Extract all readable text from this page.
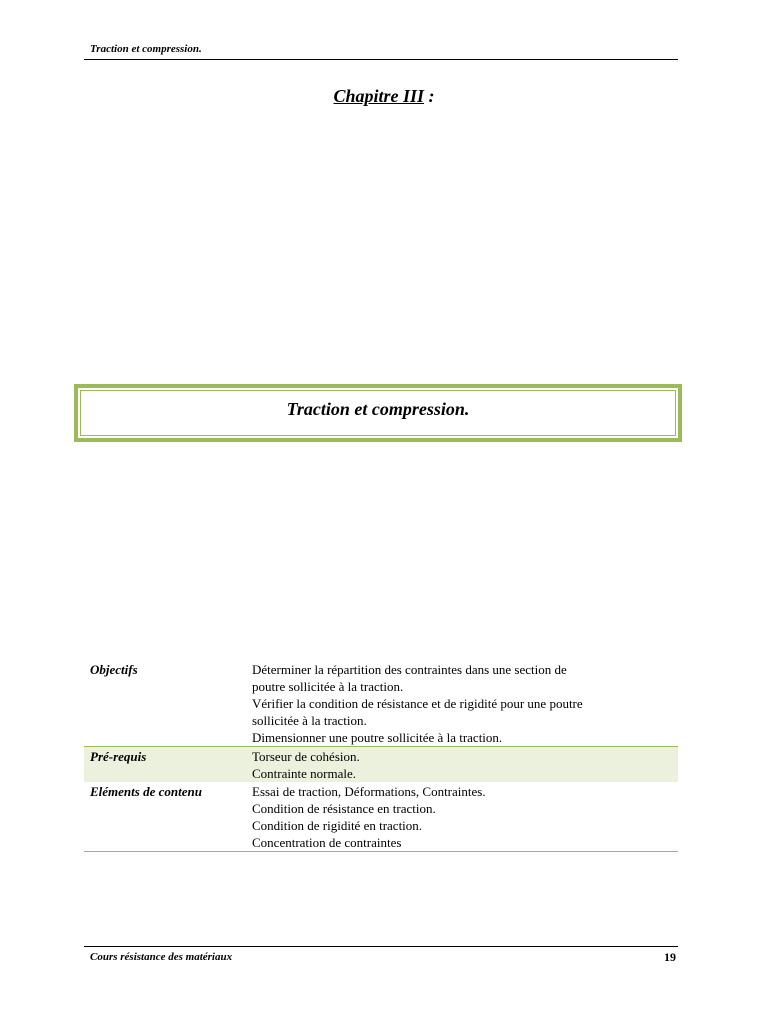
Traction et compression.
Chapitre III :
Traction et compression.
Objectifs	Déterminer la répartition des contraintes dans une section de
poutre sollicitée à la traction.
Vérifier la condition de résistance et de rigidité pour une poutre
sollicitée à la traction.
Dimensionner une poutre sollicitée à la traction.

Pré-requis	Torseur de cohésion.
Contrainte normale.

Eléments de contenu	Essai de traction, Déformations, Contraintes.
Condition de résistance en traction.
Condition de rigidité en traction.
Concentration de contraintes
Cours résistance des matériaux	19
